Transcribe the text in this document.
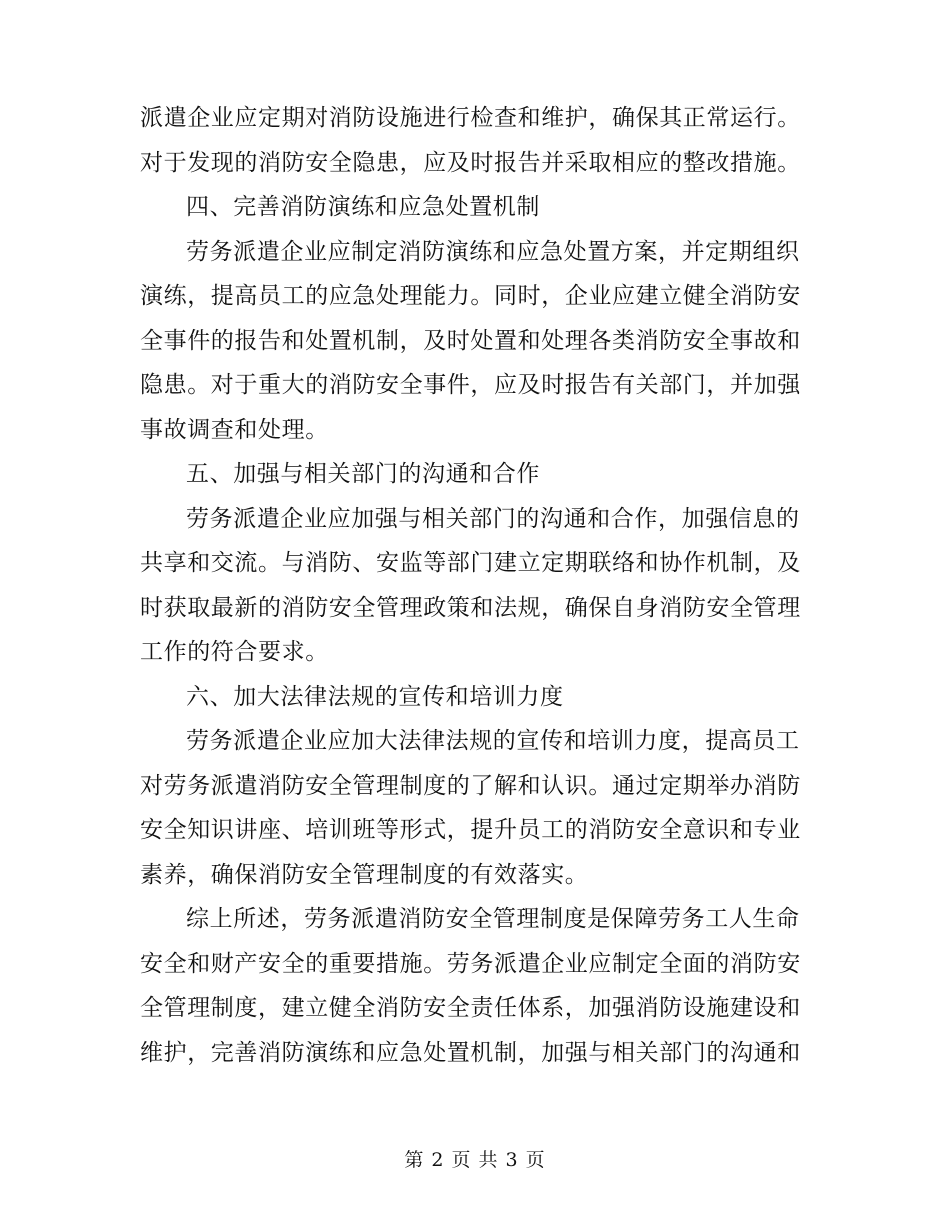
派遣企业应定期对消防设施进行检查和维护，确保其正常运行。
对于发现的消防安全隐患，应及时报告并采取相应的整改措施。
四、完善消防演练和应急处置机制
劳务派遣企业应制定消防演练和应急处置方案，并定期组织
演练，提高员工的应急处理能力。同时，企业应建立健全消防安
全事件的报告和处置机制，及时处置和处理各类消防安全事故和
隐患。对于重大的消防安全事件，应及时报告有关部门，并加强
事故调查和处理。
五、加强与相关部门的沟通和合作
劳务派遣企业应加强与相关部门的沟通和合作，加强信息的
共享和交流。与消防、安监等部门建立定期联络和协作机制，及
时获取最新的消防安全管理政策和法规，确保自身消防安全管理
工作的符合要求。
六、加大法律法规的宣传和培训力度
劳务派遣企业应加大法律法规的宣传和培训力度，提高员工
对劳务派遣消防安全管理制度的了解和认识。通过定期举办消防
安全知识讲座、培训班等形式，提升员工的消防安全意识和专业
素养，确保消防安全管理制度的有效落实。
综上所述，劳务派遣消防安全管理制度是保障劳务工人生命
安全和财产安全的重要措施。劳务派遣企业应制定全面的消防安
全管理制度，建立健全消防安全责任体系，加强消防设施建设和
维护，完善消防演练和应急处置机制，加强与相关部门的沟通和
第 2 页 共 3 页
